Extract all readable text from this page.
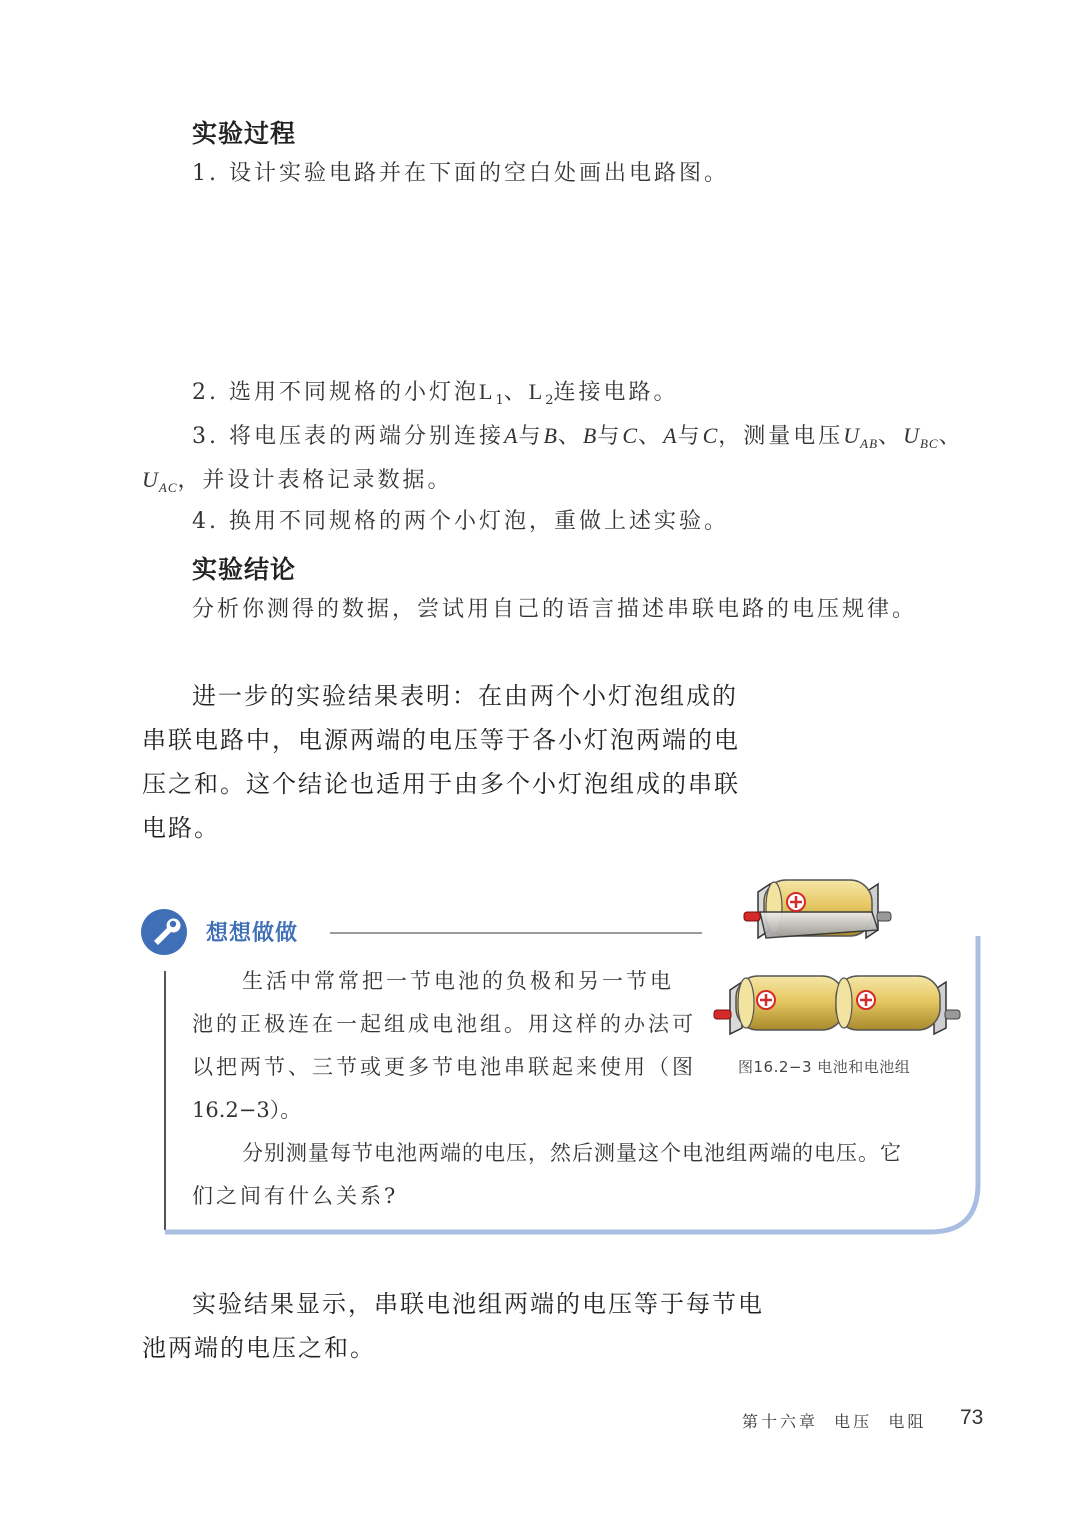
实验过程
1. 设计实验电路并在下面的空白处画出电路图。
2. 选用不同规格的小灯泡$L_1$、$L_2$连接电路。
3. 将电压表的两端分别连接A与B、B与C、A与C，测量电压$U_{AB}$、$U_{BC}$、
$U_{AC}$，并设计表格记录数据。
4. 换用不同规格的两个小灯泡，重做上述实验。
实验结论
分析你测得的数据，尝试用自己的语言描述串联电路的电压规律。
进一步的实验结果表明：在由两个小灯泡组成的
串联电路中，电源两端的电压等于各小灯泡两端的电
压之和。这个结论也适用于由多个小灯泡组成的串联
电路。
想想做做
生活中常常把一节电池的负极和另一节电
池的正极连在一起组成电池组。用这样的办法可
以把两节、三节或更多节电池串联起来使用（图
16.2−3）。
分别测量每节电池两端的电压，然后测量这个电池组两端的电压。它
们之间有什么关系?
图16.2−3 电池和电池组
实验结果显示，串联电池组两端的电压等于每节电
池两端的电压之和。
第十六章  电压  电阻 73
